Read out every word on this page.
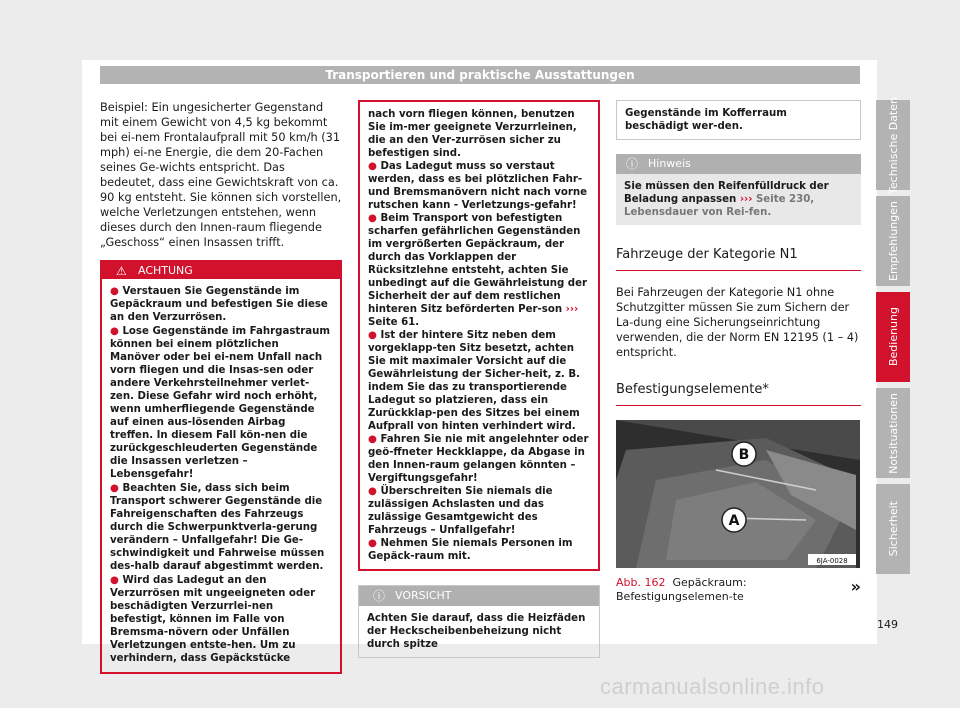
Transportieren und praktische Ausstattungen

Beispiel: Ein ungesicherter Gegenstand mit einem Gewicht von 4,5 kg bekommt bei ei-nem Frontalaufprall mit 50 km/h (31 mph) ei-ne Energie, die dem 20-Fachen seines Ge-wichts entspricht. Das bedeutet, dass eine Gewichtskraft von ca. 90 kg entsteht. Sie können sich vorstellen, welche Verletzungen entstehen, wenn dieses durch den Innen-raum fliegende „Geschoss“ einen Insassen trifft.

⚠ ACHTUNG
● Verstauen Sie Gegenstände im Gepäckraum und befestigen Sie diese an den Verzurrösen.
● Lose Gegenstände im Fahrgastraum können bei einem plötzlichen Manöver oder bei ei-nem Unfall nach vorn fliegen und die Insas-sen oder andere Verkehrsteilnehmer verlet-zen. Diese Gefahr wird noch erhöht, wenn umherfliegende Gegenstände auf einen aus-lösenden Airbag treffen. In diesem Fall kön-nen die zurückgeschleuderten Gegenstände die Insassen verletzen – Lebensgefahr!
● Beachten Sie, dass sich beim Transport schwerer Gegenstände die Fahreigenschaften des Fahrzeugs durch die Schwerpunktverla-gerung verändern – Unfallgefahr! Die Ge-schwindigkeit und Fahrweise müssen des-halb darauf abgestimmt werden.
● Wird das Ladegut an den Verzurrösen mit ungeeigneten oder beschädigten Verzurrlei-nen befestigt, können im Falle von Bremsma-növern oder Unfällen Verletzungen entste-hen. Um zu verhindern, dass Gepäckstücke
nach vorn fliegen können, benutzen Sie im-mer geeignete Verzurrleinen, die an den Ver-zurrösen sicher zu befestigen sind.
● Das Ladegut muss so verstaut werden, dass es bei plötzlichen Fahr- und Bremsmanövern nicht nach vorne rutschen kann - Verletzungs-gefahr!
● Beim Transport von befestigten scharfen gefährlichen Gegenständen im vergrößerten Gepäckraum, der durch das Vorklappen der Rücksitzlehne entsteht, achten Sie unbedingt auf die Gewährleistung der Sicherheit der auf dem restlichen hinteren Sitz beförderten Per-son ››› Seite 61.
● Ist der hintere Sitz neben dem vorgeklapp-ten Sitz besetzt, achten Sie mit maximaler Vorsicht auf die Gewährleistung der Sicher-heit, z. B. indem Sie das zu transportierende Ladegut so platzieren, dass ein Zurückklap-pen des Sitzes bei einem Aufprall von hinten verhindert wird.
● Fahren Sie nie mit angelehnter oder geö-ffneter Heckklappe, da Abgase in den Innen-raum gelangen könnten – Vergiftungsgefahr!
● Überschreiten Sie niemals die zulässigen Achslasten und das zulässige Gesamtgewicht des Fahrzeugs – Unfallgefahr!
● Nehmen Sie niemals Personen im Gepäck-raum mit.
ⓘ VORSICHT
Achten Sie darauf, dass die Heizfäden der Heckscheibenbeheizung nicht durch spitze
Gegenstände im Kofferraum beschädigt wer-den.
ⓘ Hinweis
Sie müssen den Reifenfülldruck der Beladung anpassen ››› Seite 230, Lebensdauer von Rei-fen.
Fahrzeuge der Kategorie N1

Bei Fahrzeugen der Kategorie N1 ohne Schutzgitter müssen Sie zum Sichern der La-dung eine Sicherungseinrichtung verwenden, die der Norm EN 12195 (1 – 4) entspricht.

Befestigungselemente*
B
A
6JA-0028
Abb. 162 Gepäckraum: Befestigungselemen-te
»
Technische Daten
Empfehlungen
Bedienung
Notsituationen
Sicherheit
149
carmanualsonline.info
